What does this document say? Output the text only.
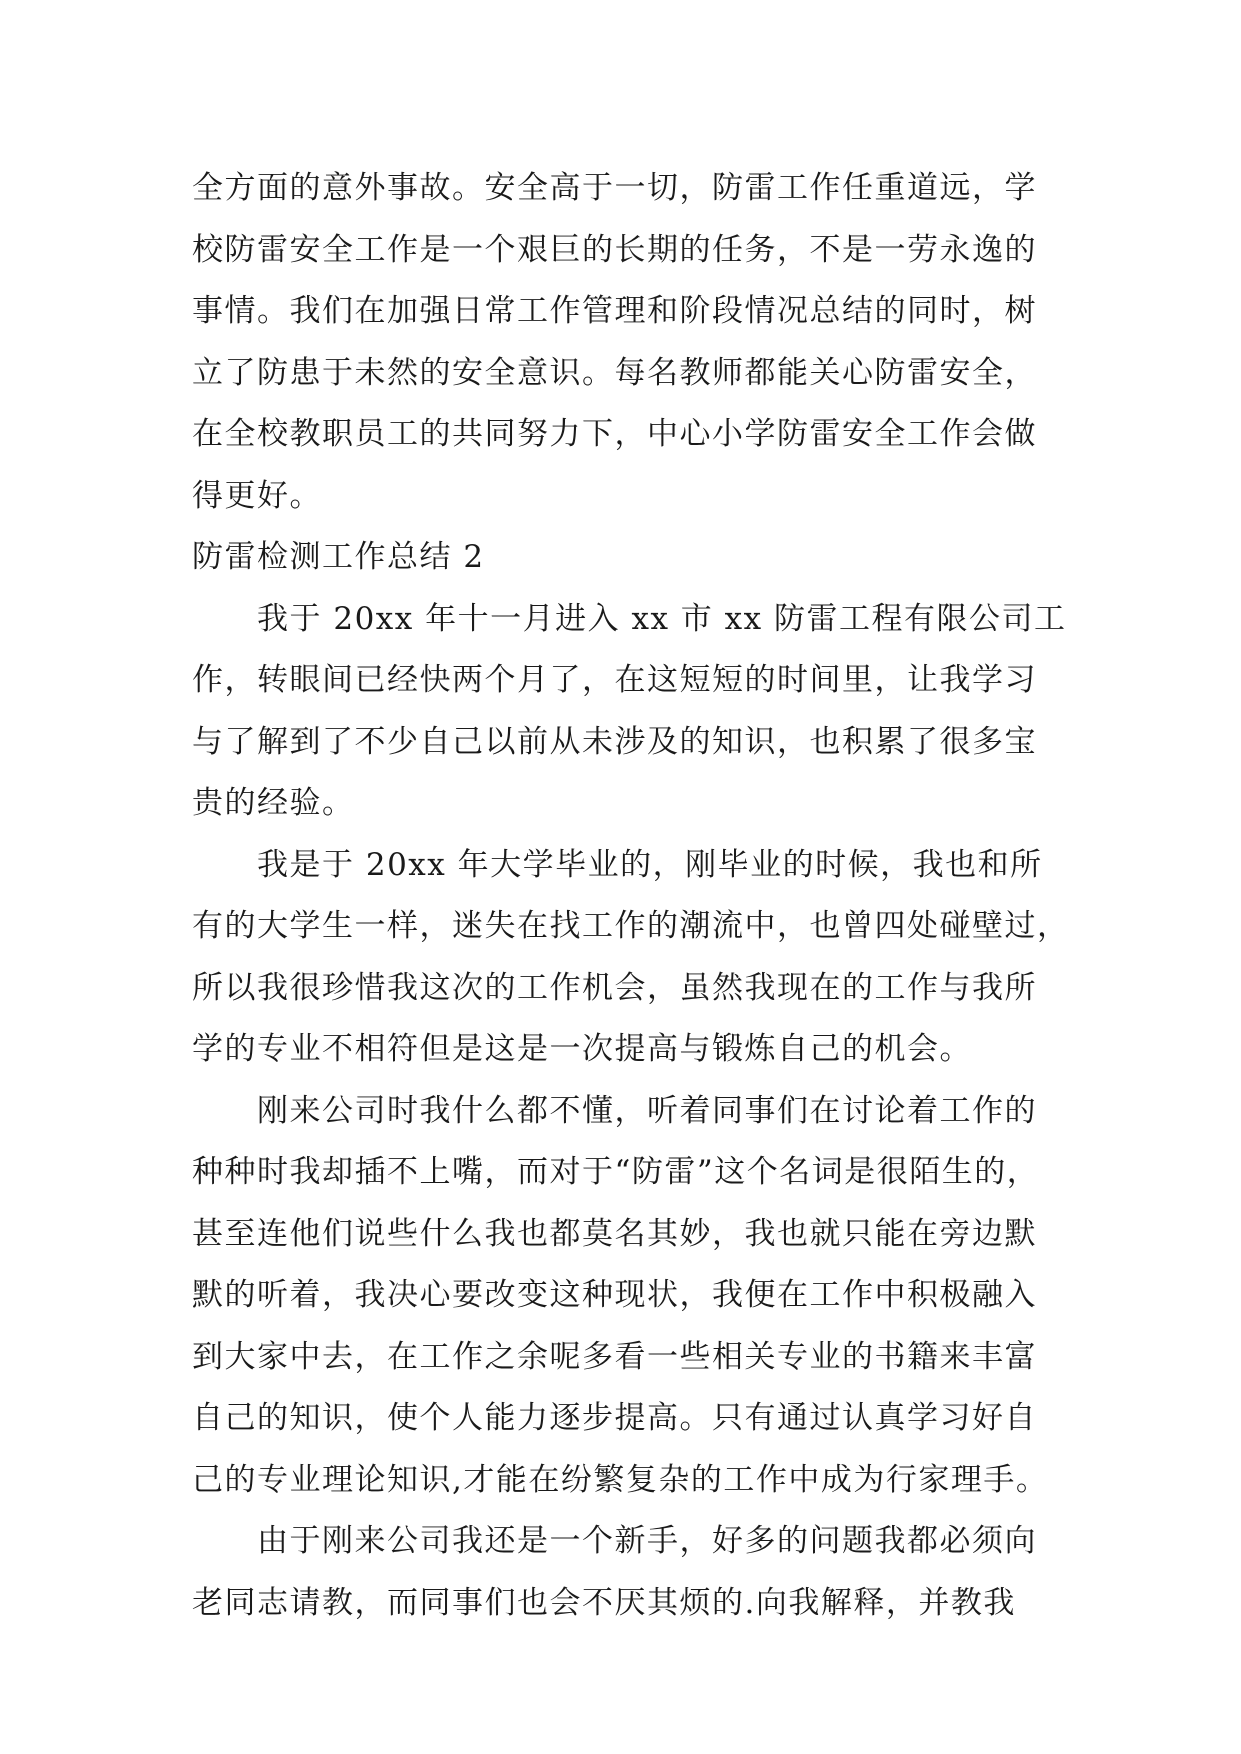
全方面的意外事故。安全高于一切，防雷工作任重道远，学
校防雷安全工作是一个艰巨的长期的任务，不是一劳永逸的
事情。我们在加强日常工作管理和阶段情况总结的同时，树
立了防患于未然的安全意识。每名教师都能关心防雷安全，
在全校教职员工的共同努力下，中心小学防雷安全工作会做
得更好。
防雷检测工作总结 2
　　我于 20xx 年十一月进入 xx 市 xx 防雷工程有限公司工
作，转眼间已经快两个月了，在这短短的时间里，让我学习
与了解到了不少自己以前从未涉及的知识，也积累了很多宝
贵的经验。
　　我是于 20xx 年大学毕业的，刚毕业的时候，我也和所
有的大学生一样，迷失在找工作的潮流中，也曾四处碰壁过，
所以我很珍惜我这次的工作机会，虽然我现在的工作与我所
学的专业不相符但是这是一次提高与锻炼自己的机会。
　　刚来公司时我什么都不懂，听着同事们在讨论着工作的
种种时我却插不上嘴，而对于“防雷”这个名词是很陌生的，
甚至连他们说些什么我也都莫名其妙，我也就只能在旁边默
默的听着，我决心要改变这种现状，我便在工作中积极融入
到大家中去，在工作之余呢多看一些相关专业的书籍来丰富
自己的知识，使个人能力逐步提高。只有通过认真学习好自
己的专业理论知识,才能在纷繁复杂的工作中成为行家理手。
　　由于刚来公司我还是一个新手，好多的问题我都必须向
老同志请教，而同事们也会不厌其烦的.向我解释，并教我
